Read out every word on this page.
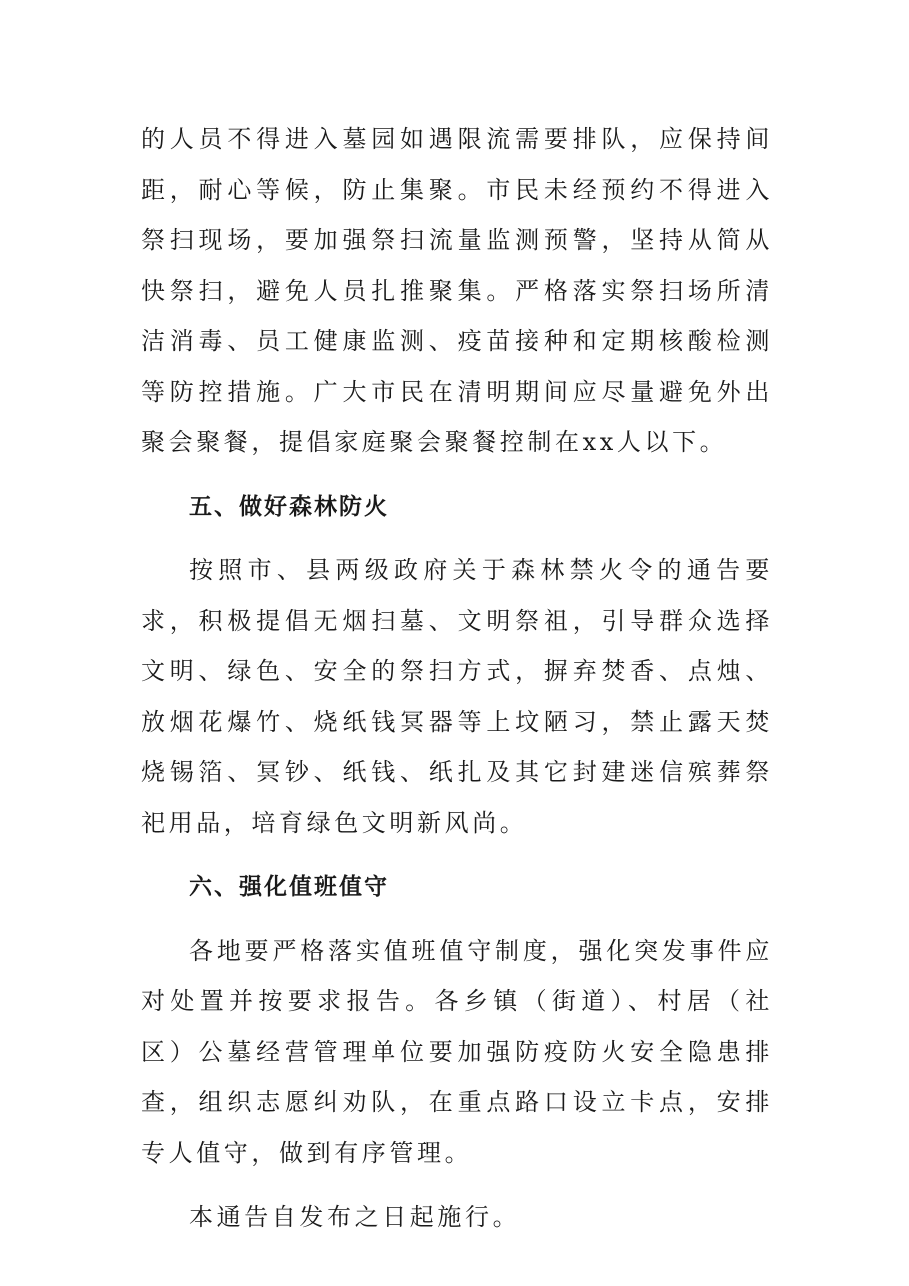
的人员不得进入墓园如遇限流需要排队，应保持间距，耐心等候，防止集聚。市民未经预约不得进入祭扫现场，要加强祭扫流量监测预警，坚持从简从快祭扫，避免人员扎推聚集。严格落实祭扫场所清洁消毒、员工健康监测、疫苗接种和定期核酸检测等防控措施。广大市民在清明期间应尽量避免外出聚会聚餐，提倡家庭聚会聚餐控制在xx人以下。

五、做好森林防火

按照市、县两级政府关于森林禁火令的通告要求，积极提倡无烟扫墓、文明祭祖，引导群众选择文明、绿色、安全的祭扫方式，摒弃焚香、点烛、放烟花爆竹、烧纸钱冥器等上坟陋习，禁止露天焚烧锡箔、冥钞、纸钱、纸扎及其它封建迷信殡葬祭祀用品，培育绿色文明新风尚。

六、强化值班值守

各地要严格落实值班值守制度，强化突发事件应对处置并按要求报告。各乡镇（街道）、村居（社区）公墓经营管理单位要加强防疫防火安全隐患排查，组织志愿纠劝队，在重点路口设立卡点，安排专人值守，做到有序管理。

本通告自发布之日起施行。
